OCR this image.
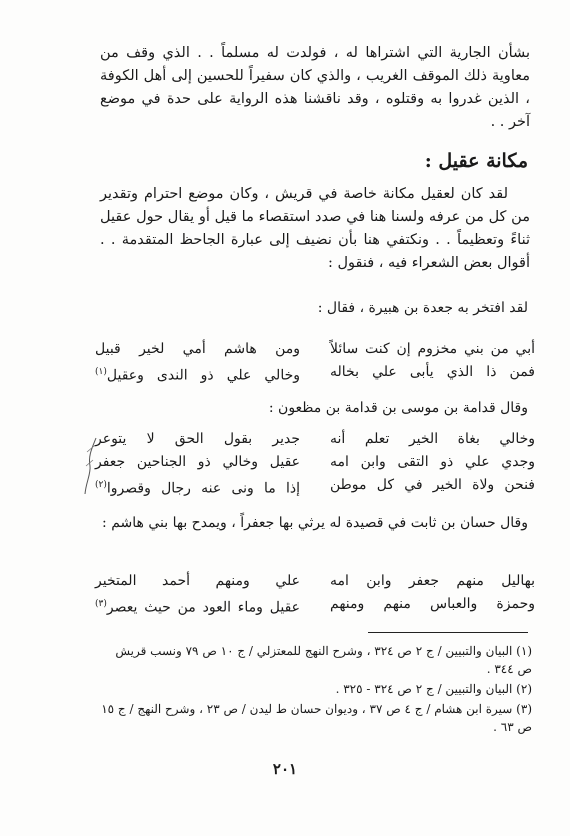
بشأن الجارية التي اشتراها له ، فولدت له مسلماً . . الذي وقف من معاوية ذلك الموقف الغريب ، والذي كان سفيراً للحسين إلى أهل الكوفة ، الذين غدروا به وقتلوه ، وقد ناقشنا هذه الرواية على حدة في موضع آخر . .

مكانة عقيل :

لقد كان لعقيل مكانة خاصة في قريش ، وكان موضع احترام وتقدير من كل من عرفه ولسنا هنا في صدد استقصاء ما قيل أو يقال حول عقيل ثناءً وتعظيماً . . ونكتفي هنا بأن نضيف إلى عبارة الجاحظ المتقدمة . . أقوال بعض الشعراء فيه ، فنقول :

لقد افتخر به جعدة بن هبيرة ، فقال :
أبي من بني مخزوم إن كنت سائلاً
ومن هاشم أمي لخير قبيل
فمن ذا الذي يأبى علي بخاله
وخالي علي ذو الندى وعقيل$^{(١)}$
وقال قدامة بن موسى بن قدامة بن مظعون :
وخالي بغاة الخير تعلم أنه
جدير بقول الحق لا يتوعر
وجدي علي ذو التقى وابن امه
عقيل وخالي ذو الجناحين جعفر
فنحن ولاة الخير في كل موطن
إذا ما ونى عنه رجال وقصروا$^{(٢)}$

وقال حسان بن ثابت في قصيدة له يرثي بها جعفراً ، ويمدح بها بني هاشم :

بهاليل منهم جعفر وابن امه
علي ومنهم أحمد المتخير
وحمزة والعباس منهم ومنهم
عقيل وماء العود من حيث يعصر$^{(٣)}$
(١) البيان والتبيين / ج ٢ ص ٣٢٤ ، وشرح النهج للمعتزلي / ج ١٠ ص ٧٩ ونسب قريش ص ٣٤٤ .
(٢) البيان والتبيين / ج ٢ ص ٣٢٤ - ٣٢٥ .
(٣) سيرة ابن هشام / ج ٤ ص ٣٧ ، وديوان حسان ط ليدن / ص ٢٣ ، وشرح النهج / ج ١٥ ص ٦٣ .
٢٠١
